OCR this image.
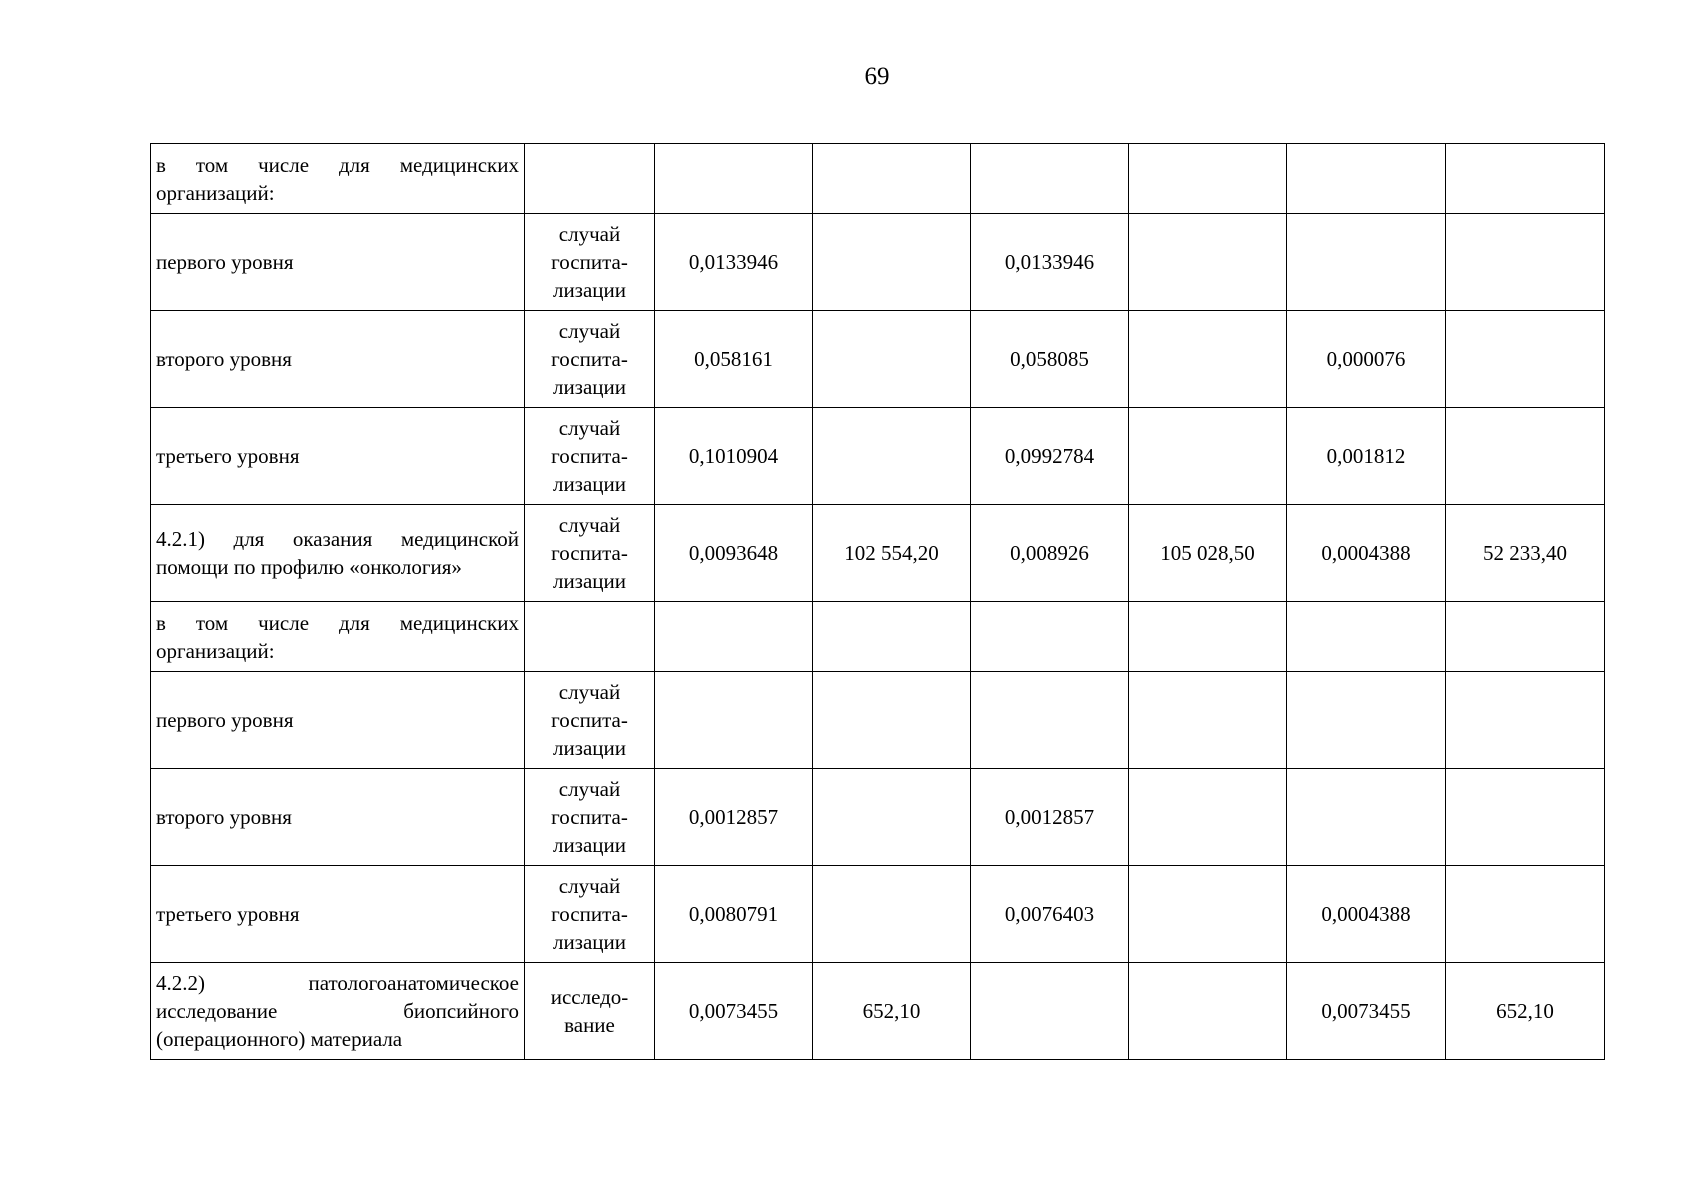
69
в том числе для медицинских организаций:							
первого уровня	случай госпита-лизации	0,0133946		0,0133946			
второго уровня	случай госпита-лизации	0,058161		0,058085		0,000076	
третьего уровня	случай госпита-лизации	0,1010904		0,0992784		0,001812	
4.2.1) для оказания медицинской помощи по профилю «онкология»	случай госпита-лизации	0,0093648	102 554,20	0,008926	105 028,50	0,0004388	52 233,40
в том числе для медицинских организаций:							
первого уровня	случай госпита-лизации						
второго уровня	случай госпита-лизации	0,0012857		0,0012857			
третьего уровня	случай госпита-лизации	0,0080791		0,0076403		0,0004388	
4.2.2) патологоанатомическое исследование биопсийного (операционного) материала	исследо-вание	0,0073455	652,10			0,0073455	652,10
